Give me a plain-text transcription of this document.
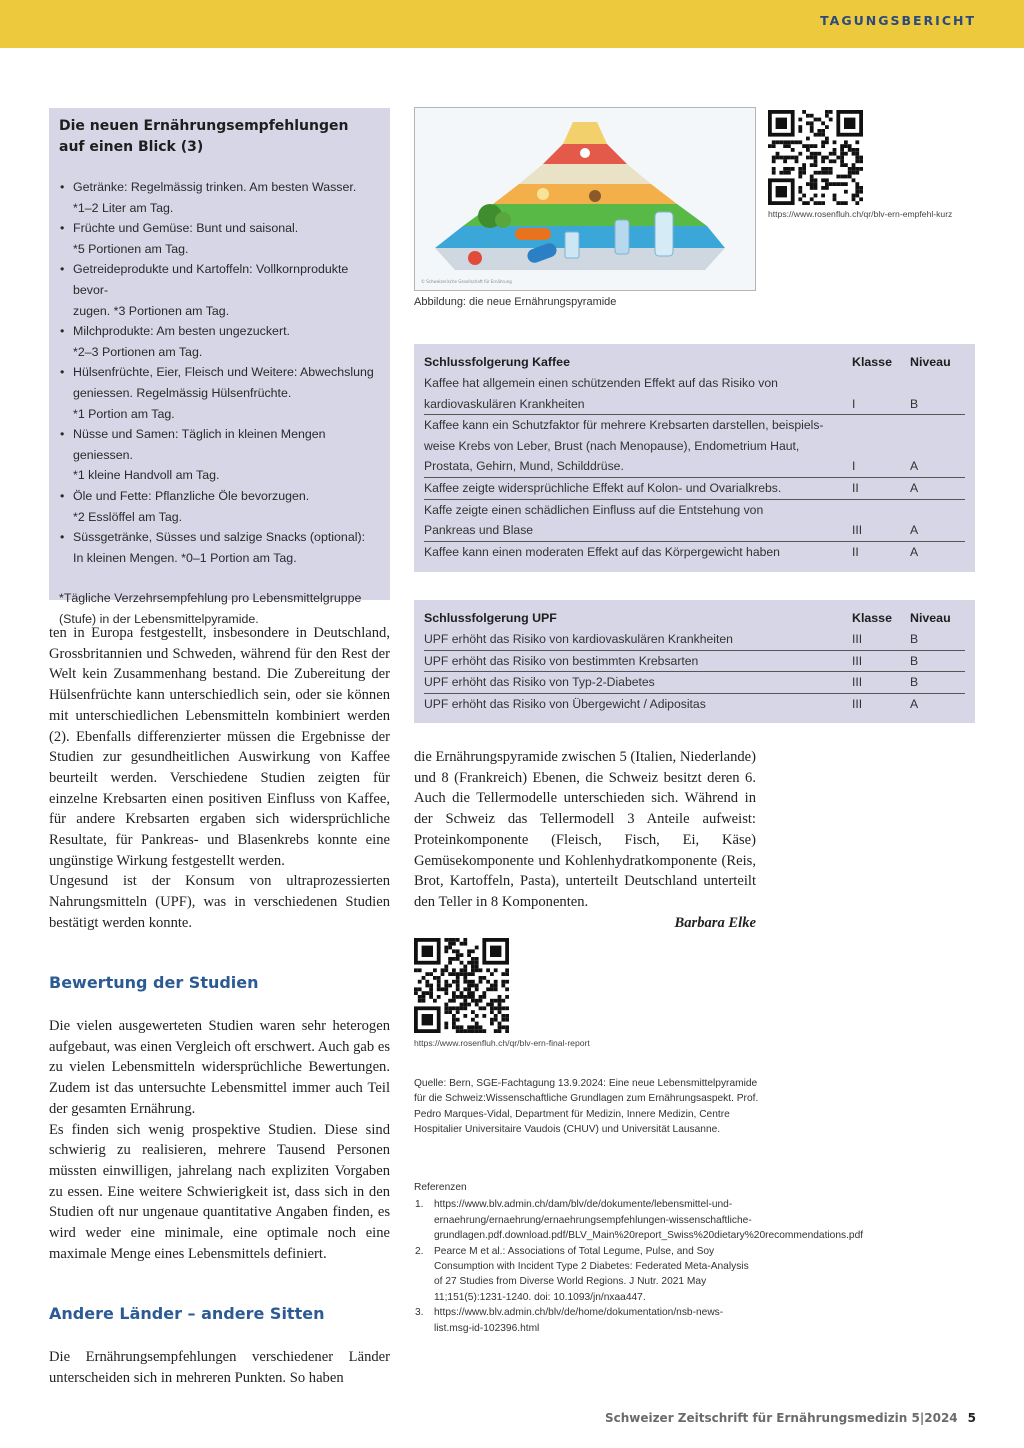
TAGUNGSBERICHT
Die neuen Ernährungsempfehlungen auf einen Blick (3)
• Getränke: Regelmässig trinken. Am besten Wasser.
*1–2 Liter am Tag.
• Früchte und Gemüse: Bunt und saisonal.
*5 Portionen am Tag.
• Getreideprodukte und Kartoffeln: Vollkornprodukte bevor-
zugen. *3 Portionen am Tag.
• Milchprodukte: Am besten ungezuckert.
*2–3 Portionen am Tag.
• Hülsenfrüchte, Eier, Fleisch und Weitere: Abwechslung
geniessen. Regelmässig Hülsenfrüchte.
*1 Portion am Tag.
• Nüsse und Samen: Täglich in kleinen Mengen geniessen.
*1 kleine Handvoll am Tag.
• Öle und Fette: Pflanzliche Öle bevorzugen.
*2 Esslöffel am Tag.
• Süssgetränke, Süsses und salzige Snacks (optional):
In kleinen Mengen. *0–1 Portion am Tag.
*Tägliche Verzehrsempfehlung pro Lebensmittelgruppe (Stufe) in der Lebensmittelpyramide.

ten in Europa festgestellt, insbesondere in Deutschland, Grossbritannien und Schweden, während für den Rest der Welt kein Zusammenhang bestand. Die Zubereitung der Hülsenfrüchte kann unterschiedlich sein, oder sie können mit unterschiedlichen Lebensmitteln kombiniert werden (2). Ebenfalls differenzierter müssen die Ergebnisse der Studien zur gesundheitlichen Auswirkung von Kaffee beurteilt werden. Verschiedene Studien zeigten für einzelne Krebsarten einen positiven Einfluss von Kaffee, für andere Krebsarten ergaben sich widersprüchliche Resultate, für Pankreas- und Blasenkrebs konnte eine ungünstige Wirkung festgestellt werden.

Ungesund ist der Konsum von ultraprozessierten Nahrungsmitteln (UPF), was in verschiedenen Studien bestätigt werden konnte.

Bewertung der Studien

Die vielen ausgewerteten Studien waren sehr heterogen aufgebaut, was einen Vergleich oft erschwert. Auch gab es zu vielen Lebensmitteln widersprüchliche Bewertungen. Zudem ist das untersuchte Lebensmittel immer auch Teil der gesamten Ernährung.

Es finden sich wenig prospektive Studien. Diese sind schwierig zu realisieren, mehrere Tausend Personen müssten einwilligen, jahrelang nach expliziten Vorgaben zu essen. Eine weitere Schwierigkeit ist, dass sich in den Studien oft nur ungenaue quantitative Angaben finden, es wird weder eine minimale, eine optimale noch eine maximale Menge eines Lebensmittels definiert.

Andere Länder – andere Sitten

Die Ernährungsempfehlungen verschiedener Länder unterscheiden sich in mehreren Punkten. So haben

© Schweizerische Gesellschaft für Ernährung
Abbildung: die neue Ernährungspyramide
https://www.rosenfluh.ch/qr/blv-ern-empfehl-kurz
Schlussfolgerung Kaffee	Klasse	Niveau

Kaffee hat allgemein einen schützenden Effekt auf das Risiko von
kardiovaskulären Krankheiten	I	B

Kaffee kann ein Schutzfaktor für mehrere Krebsarten darstellen, beispiels-
weise Krebs von Leber, Brust (nach Menopause), Endometrium Haut,
Prostata, Gehirn, Mund, Schilddrüse.	I	A

Kaffee zeigte widersprüchliche Effekt auf Kolon- und Ovarialkrebs.	II	A

Kaffe zeigte einen schädlichen Einfluss auf die Entstehung von
Pankreas und Blase	III	A

Kaffee kann einen moderaten Effekt auf das Körpergewicht haben	II	A
Schlussfolgerung UPF	Klasse	Niveau

UPF erhöht das Risiko von kardiovaskulären Krankheiten	III	B

UPF erhöht das Risiko von bestimmten Krebsarten	III	B

UPF erhöht das Risiko von Typ-2-Diabetes	III	B

UPF erhöht das Risiko von Übergewicht / Adipositas	III	A

die Ernährungspyramide zwischen 5 (Italien, Niederlande) und 8 (Frankreich) Ebenen, die Schweiz besitzt deren 6. Auch die Tellermodelle unterschieden sich. Während in der Schweiz das Tellermodell 3 Anteile aufweist: Proteinkomponente (Fleisch, Fisch, Ei, Käse) Gemüsekomponente und Kohlenhydratkomponente (Reis, Brot, Kartoffeln, Pasta), unterteilt Deutschland unterteilt den Teller in 8 Komponenten.

Barbara Elke

https://www.rosenfluh.ch/qr/blv-ern-final-report
Quelle: Bern, SGE-Fachtagung 13.9.2024: Eine neue Lebensmittelpyramide für die Schweiz:Wissenschaftliche Grundlagen zum Ernährungsaspekt. Prof. Pedro Marques-Vidal, Department für Medizin, Innere Medizin, Centre Hospitalier Universitaire Vaudois (CHUV) und Universität Lausanne.
Referenzen
1. https://www.blv.admin.ch/dam/blv/de/dokumente/lebensmittel-und-ernaehrung/ernaehrung/ernaehrungsempfehlungen-wissenschaftliche-grundlagen.pdf.download.pdf/BLV_Main%20report_Swiss%20dietary%20recommendations.pdf
2. Pearce M et al.: Associations of Total Legume, Pulse, and Soy Consumption with Incident Type 2 Diabetes: Federated Meta-Analysis of 27 Studies from Diverse World Regions. J Nutr. 2021 May 11;151(5):1231-1240. doi: 10.1093/jn/nxaa447.
3. https://www.blv.admin.ch/blv/de/home/dokumentation/nsb-news-list.msg-id-102396.html
Schweizer Zeitschrift für Ernährungsmedizin 5|2024 5
